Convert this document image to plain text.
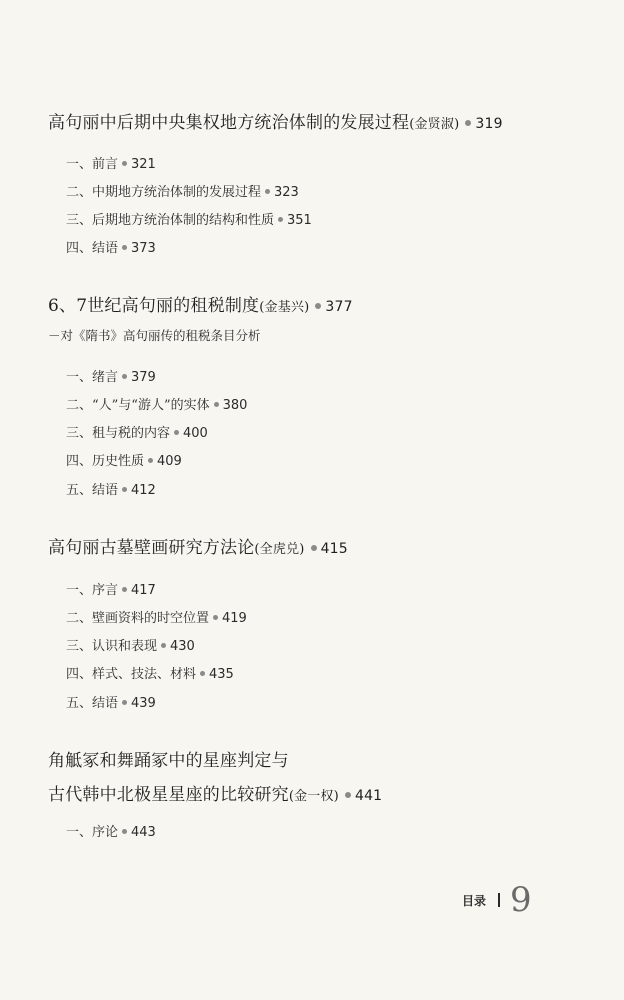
高句丽中后期中央集权地方统治体制的发展过程(金贤淑) 319
一、前言 321
二、中期地方统治体制的发展过程 323
三、后期地方统治体制的结构和性质 351
四、结语 373
6、7世纪高句丽的租税制度(金基兴) 377
－对《隋书》高句丽传的租税条目分析
一、绪言 379
二、“人”与“游人”的实体 380
三、租与税的内容 400
四、历史性质 409
五、结语 412
高句丽古墓壁画研究方法论(全虎兑) 415
一、序言 417
二、壁画资料的时空位置 419
三、认识和表现 430
四、样式、技法、材料 435
五、结语 439
角觝冢和舞踊冢中的星座判定与
古代韩中北极星星座的比较研究(金一权) 441
一、序论 443
目录 9
